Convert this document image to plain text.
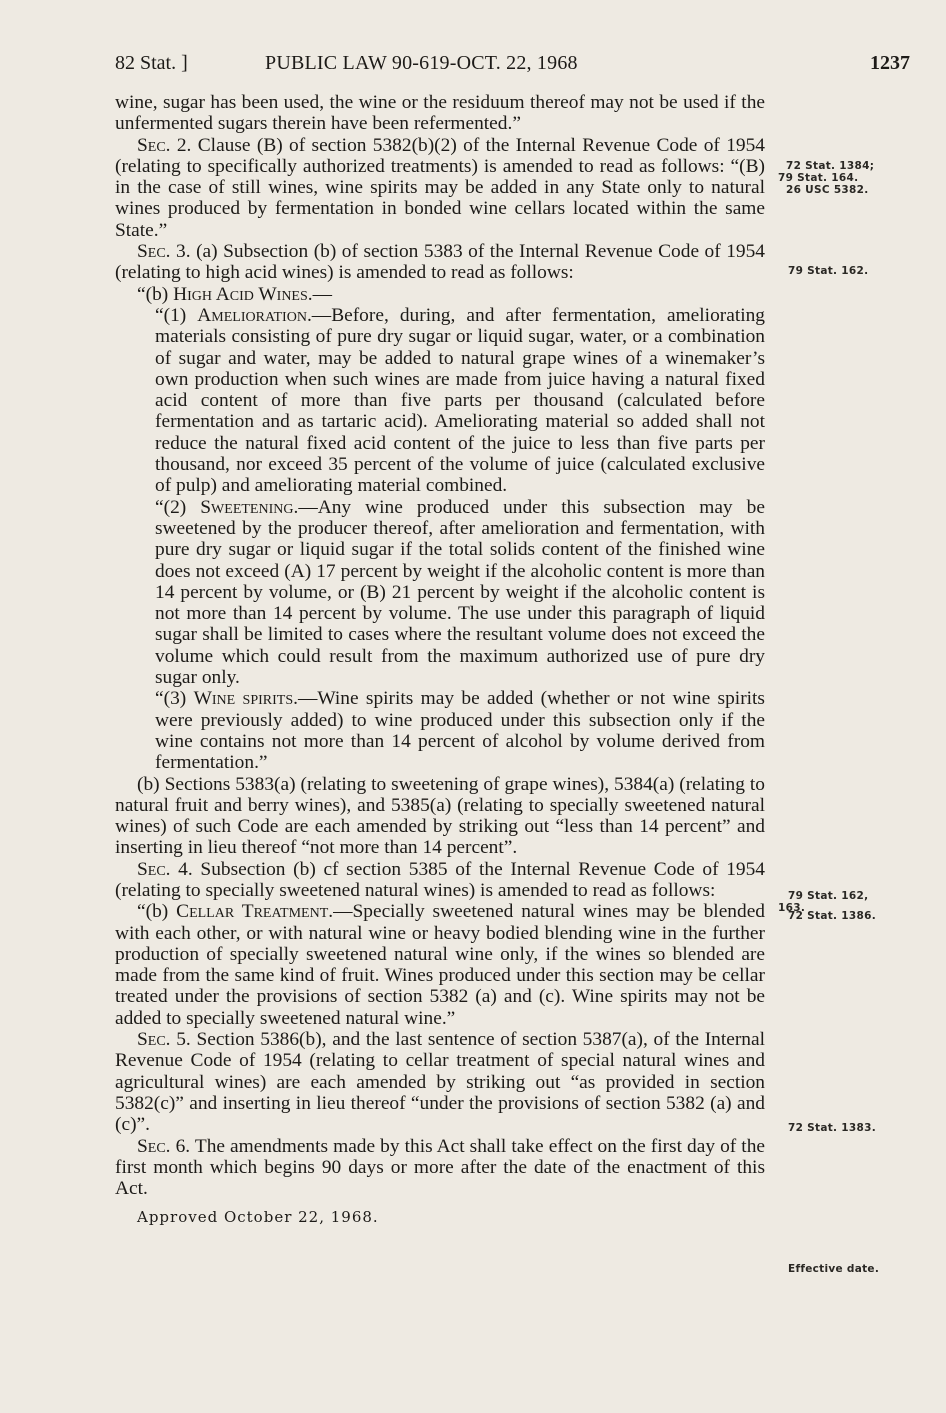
82 Stat. ]	PUBLIC LAW 90-619-OCT. 22, 1968	1237

wine, sugar has been used, the wine or the residuum thereof may not be used if the unfermented sugars therein have been refermented.”

Sec. 2. Clause (B) of section 5382(b)(2) of the Internal Revenue Code of 1954 (relating to specifically authorized treatments) is amended to read as follows: “(B) in the case of still wines, wine spirits may be added in any State only to natural wines produced by fermentation in bonded wine cellars located within the same State.”

Sec. 3. (a) Subsection (b) of section 5383 of the Internal Revenue Code of 1954 (relating to high acid wines) is amended to read as follows:

“(b) High Acid Wines.—

“(1) Amelioration.—Before, during, and after fermentation, ameliorating materials consisting of pure dry sugar or liquid sugar, water, or a combination of sugar and water, may be added to natural grape wines of a winemaker’s own production when such wines are made from juice having a natural fixed acid content of more than five parts per thousand (calculated before fermentation and as tartaric acid). Ameliorating material so added shall not reduce the natural fixed acid content of the juice to less than five parts per thousand, nor exceed 35 percent of the volume of juice (calculated exclusive of pulp) and ameliorating material combined.

“(2) Sweetening.—Any wine produced under this subsection may be sweetened by the producer thereof, after amelioration and fermentation, with pure dry sugar or liquid sugar if the total solids content of the finished wine does not exceed (A) 17 percent by weight if the alcoholic content is more than 14 percent by volume, or (B) 21 percent by weight if the alcoholic content is not more than 14 percent by volume. The use under this paragraph of liquid sugar shall be limited to cases where the resultant volume does not exceed the volume which could result from the maximum authorized use of pure dry sugar only.

“(3) Wine spirits.—Wine spirits may be added (whether or not wine spirits were previously added) to wine produced under this subsection only if the wine contains not more than 14 percent of alcohol by volume derived from fermentation.”

(b) Sections 5383(a) (relating to sweetening of grape wines), 5384(a) (relating to natural fruit and berry wines), and 5385(a) (relating to specially sweetened natural wines) of such Code are each amended by striking out “less than 14 percent” and inserting in lieu thereof “not more than 14 percent”.

Sec. 4. Subsection (b) cf section 5385 of the Internal Revenue Code of 1954 (relating to specially sweetened natural wines) is amended to read as follows:

“(b) Cellar Treatment.—Specially sweetened natural wines may be blended with each other, or with natural wine or heavy bodied blending wine in the further production of specially sweetened natural wine only, if the wines so blended are made from the same kind of fruit. Wines produced under this section may be cellar treated under the provisions of section 5382 (a) and (c). Wine spirits may not be added to specially sweetened natural wine.”

Sec. 5. Section 5386(b), and the last sentence of section 5387(a), of the Internal Revenue Code of 1954 (relating to cellar treatment of special natural wines and agricultural wines) are each amended by striking out “as provided in section 5382(c)” and inserting in lieu thereof “under the provisions of section 5382 (a) and (c)”.

Sec. 6. The amendments made by this Act shall take effect on the first day of the first month which begins 90 days or more after the date of the enactment of this Act.

Approved October 22, 1968.

72 Stat. 1384;
79 Stat. 164.
26 USC 5382.
79 Stat. 162.
79 Stat. 162,
163.
72 Stat. 1386.
72 Stat. 1383.
Effective date.
